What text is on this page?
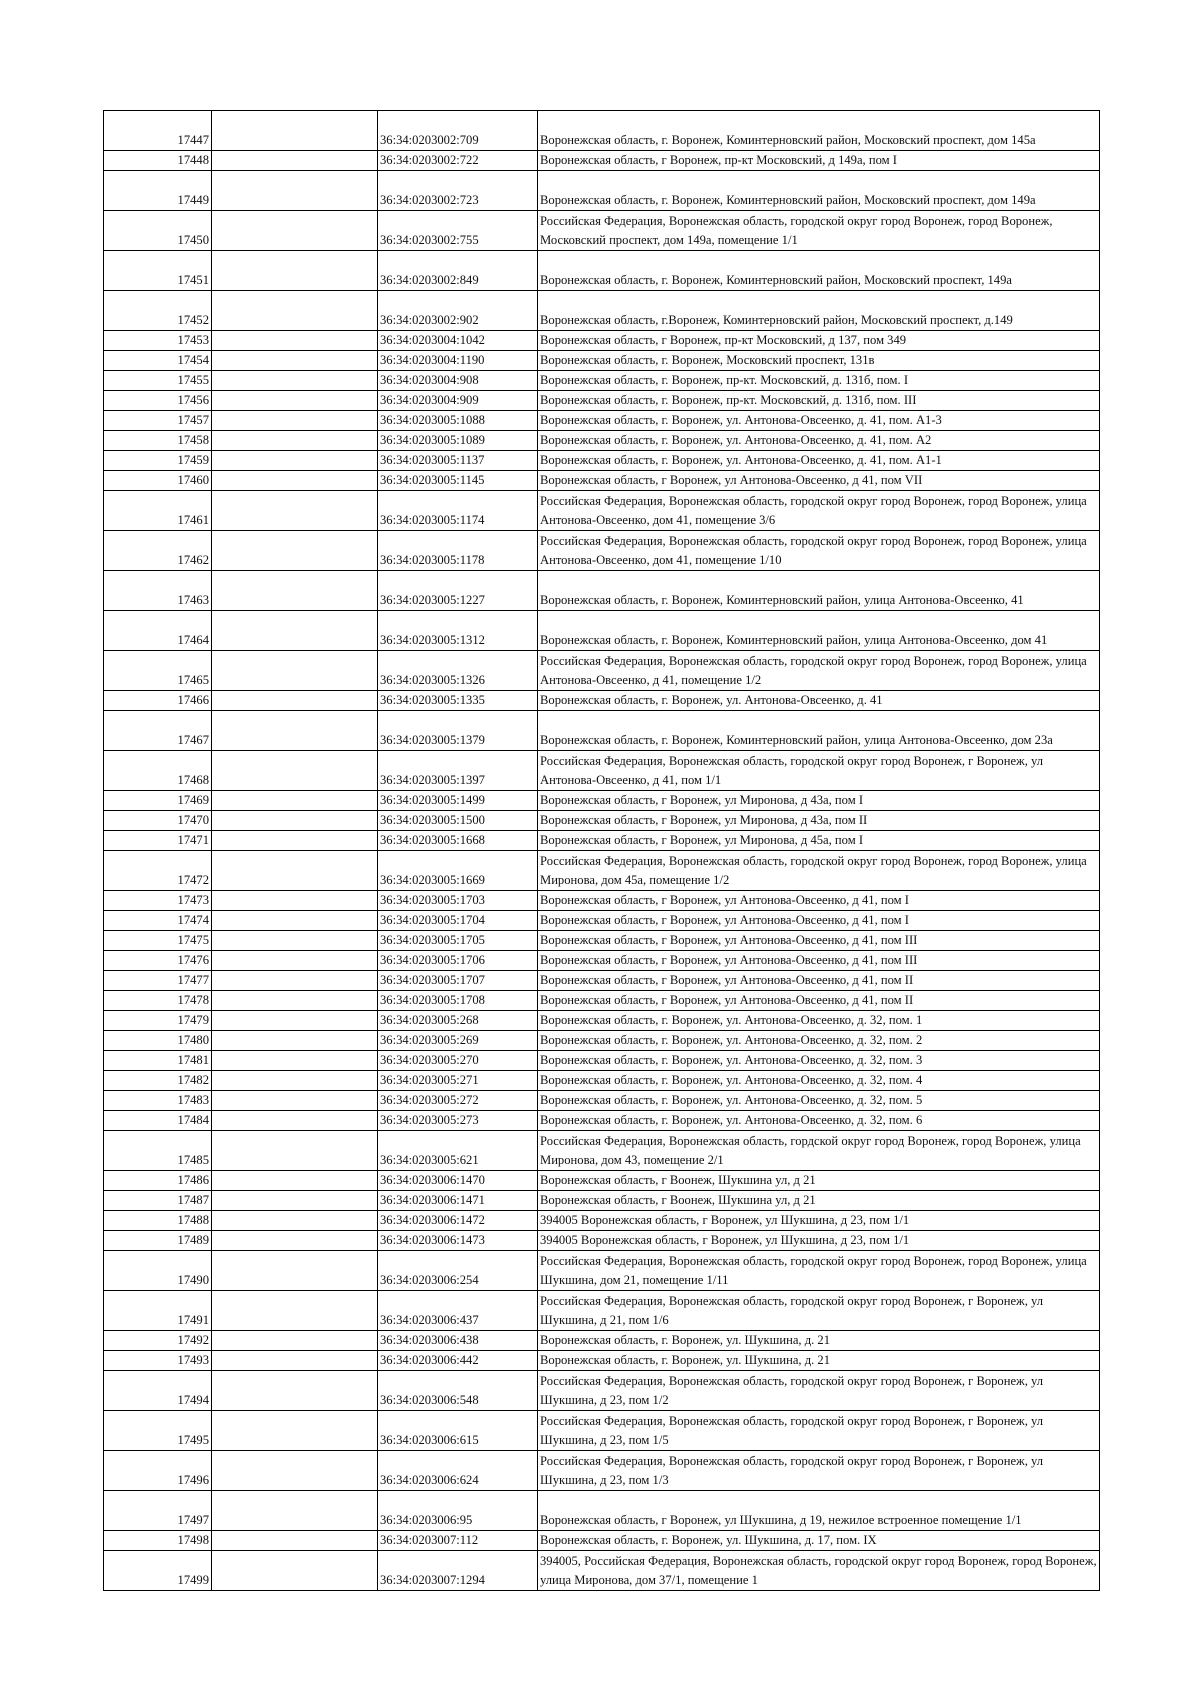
17447		36:34:0203002:709	Воронежская область, г. Воронеж, Коминтерновский район, Московский проспект, дом 145а
17448		36:34:0203002:722	Воронежская область, г Воронеж, пр-кт Московский, д 149а, пом I
17449		36:34:0203002:723	Воронежская область, г. Воронеж, Коминтерновский район, Московский проспект, дом 149а
17450		36:34:0203002:755	Российская Федерация, Воронежская область, городской округ город Воронеж, город Воронеж, Московский проспект, дом 149а, помещение 1/1
17451		36:34:0203002:849	Воронежская область, г. Воронеж, Коминтерновский район, Московский проспект, 149а
17452		36:34:0203002:902	Воронежская область, г.Воронеж, Коминтерновский район, Московский проспект, д.149
17453		36:34:0203004:1042	Воронежская область, г Воронеж, пр-кт Московский, д 137, пом 349
17454		36:34:0203004:1190	Воронежская область, г. Воронеж, Московский проспект, 131в
17455		36:34:0203004:908	Воронежская область, г. Воронеж, пр-кт. Московский, д. 131б, пом. I
17456		36:34:0203004:909	Воронежская область, г. Воронеж, пр-кт. Московский, д. 131б, пом. III
17457		36:34:0203005:1088	Воронежская область, г. Воронеж, ул. Антонова-Овсеенко, д. 41, пом. А1-3
17458		36:34:0203005:1089	Воронежская область, г. Воронеж, ул. Антонова-Овсеенко, д. 41, пом. А2
17459		36:34:0203005:1137	Воронежская область, г. Воронеж, ул. Антонова-Овсеенко, д. 41, пом. А1-1
17460		36:34:0203005:1145	Воронежская область, г Воронеж, ул Антонова-Овсеенко, д 41, пом VII
17461		36:34:0203005:1174	Российская Федерация, Воронежская область, городской округ город Воронеж, город Воронеж, улица Антонова-Овсеенко, дом 41, помещение 3/6
17462		36:34:0203005:1178	Российская Федерация, Воронежская область, городской округ город Воронеж, город Воронеж, улица Антонова-Овсеенко, дом 41, помещение 1/10
17463		36:34:0203005:1227	Воронежская область, г. Воронеж, Коминтерновский район, улица Антонова-Овсеенко, 41
17464		36:34:0203005:1312	Воронежская область, г. Воронеж, Коминтерновский район, улица Антонова-Овсеенко, дом 41
17465		36:34:0203005:1326	Российская Федерация, Воронежская область, городской округ город Воронеж, город Воронеж, улица Антонова-Овсеенко, д 41, помещение 1/2
17466		36:34:0203005:1335	Воронежская область, г. Воронеж, ул. Антонова-Овсеенко, д. 41
17467		36:34:0203005:1379	Воронежская область, г. Воронеж, Коминтерновский район, улица Антонова-Овсеенко, дом 23а
17468		36:34:0203005:1397	Российская Федерация, Воронежская область, городской округ город Воронеж, г Воронеж, ул Антонова-Овсеенко, д 41, пом 1/1
17469		36:34:0203005:1499	Воронежская область, г Воронеж, ул Миронова, д 43а, пом I
17470		36:34:0203005:1500	Воронежская область, г Воронеж, ул Миронова, д 43а, пом II
17471		36:34:0203005:1668	Воронежская область, г Воронеж, ул Миронова, д 45а, пом I
17472		36:34:0203005:1669	Российская Федерация, Воронежская область, городской округ город Воронеж, город Воронеж, улица Миронова, дом 45а, помещение 1/2
17473		36:34:0203005:1703	Воронежская область, г Воронеж, ул Антонова-Овсеенко, д 41, пом I
17474		36:34:0203005:1704	Воронежская область, г Воронеж, ул Антонова-Овсеенко, д 41, пом I
17475		36:34:0203005:1705	Воронежская область, г Воронеж, ул Антонова-Овсеенко, д 41, пом III
17476		36:34:0203005:1706	Воронежская область, г Воронеж, ул Антонова-Овсеенко, д 41, пом III
17477		36:34:0203005:1707	Воронежская область, г Воронеж, ул Антонова-Овсеенко, д 41, пом II
17478		36:34:0203005:1708	Воронежская область, г Воронеж, ул Антонова-Овсеенко, д 41, пом II
17479		36:34:0203005:268	Воронежская область, г. Воронеж, ул. Антонова-Овсеенко, д. 32, пом. 1
17480		36:34:0203005:269	Воронежская область, г. Воронеж, ул. Антонова-Овсеенко, д. 32, пом. 2
17481		36:34:0203005:270	Воронежская область, г. Воронеж, ул. Антонова-Овсеенко, д. 32, пом. 3
17482		36:34:0203005:271	Воронежская область, г. Воронеж, ул. Антонова-Овсеенко, д. 32, пом. 4
17483		36:34:0203005:272	Воронежская область, г. Воронеж, ул. Антонова-Овсеенко, д. 32, пом. 5
17484		36:34:0203005:273	Воронежская область, г. Воронеж, ул. Антонова-Овсеенко, д. 32, пом. 6
17485		36:34:0203005:621	Российская Федерация, Воронежская область, гордской округ город Воронеж, город Воронеж, улица Миронова, дом 43, помещение 2/1
17486		36:34:0203006:1470	Воронежская область, г Воонеж, Шукшина ул, д 21
17487		36:34:0203006:1471	Воронежская область, г Воонеж, Шукшина ул, д 21
17488		36:34:0203006:1472	394005 Воронежская область, г Воронеж, ул Шукшина, д 23, пом 1/1
17489		36:34:0203006:1473	394005 Воронежская область, г Воронеж, ул Шукшина, д 23, пом 1/1
17490		36:34:0203006:254	Российская Федерация, Воронежская область, городской округ город Воронеж, город Воронеж, улица Шукшина, дом 21, помещение 1/11
17491		36:34:0203006:437	Российская Федерация, Воронежская область, городской округ город Воронеж, г Воронеж, ул Шукшина, д 21, пом 1/6
17492		36:34:0203006:438	Воронежская область, г. Воронеж, ул. Шукшина, д. 21
17493		36:34:0203006:442	Воронежская область, г. Воронеж, ул. Шукшина, д. 21
17494		36:34:0203006:548	Российская Федерация, Воронежская область, городской округ город Воронеж, г Воронеж, ул Шукшина, д 23, пом 1/2
17495		36:34:0203006:615	Российская Федерация, Воронежская область, городской округ город Воронеж, г Воронеж, ул Шукшина, д 23, пом 1/5
17496		36:34:0203006:624	Российская Федерация, Воронежская область, городской округ город Воронеж, г Воронеж, ул Шукшина, д 23, пом 1/3
17497		36:34:0203006:95	Воронежская область, г Воронеж, ул Шукшина, д 19, нежилое встроенное помещение 1/1
17498		36:34:0203007:112	Воронежская область, г. Воронеж, ул. Шукшина, д. 17, пом. IX
17499		36:34:0203007:1294	394005, Российская Федерация, Воронежская область, городской округ город Воронеж, город Воронеж, улица Миронова, дом 37/1, помещение 1
